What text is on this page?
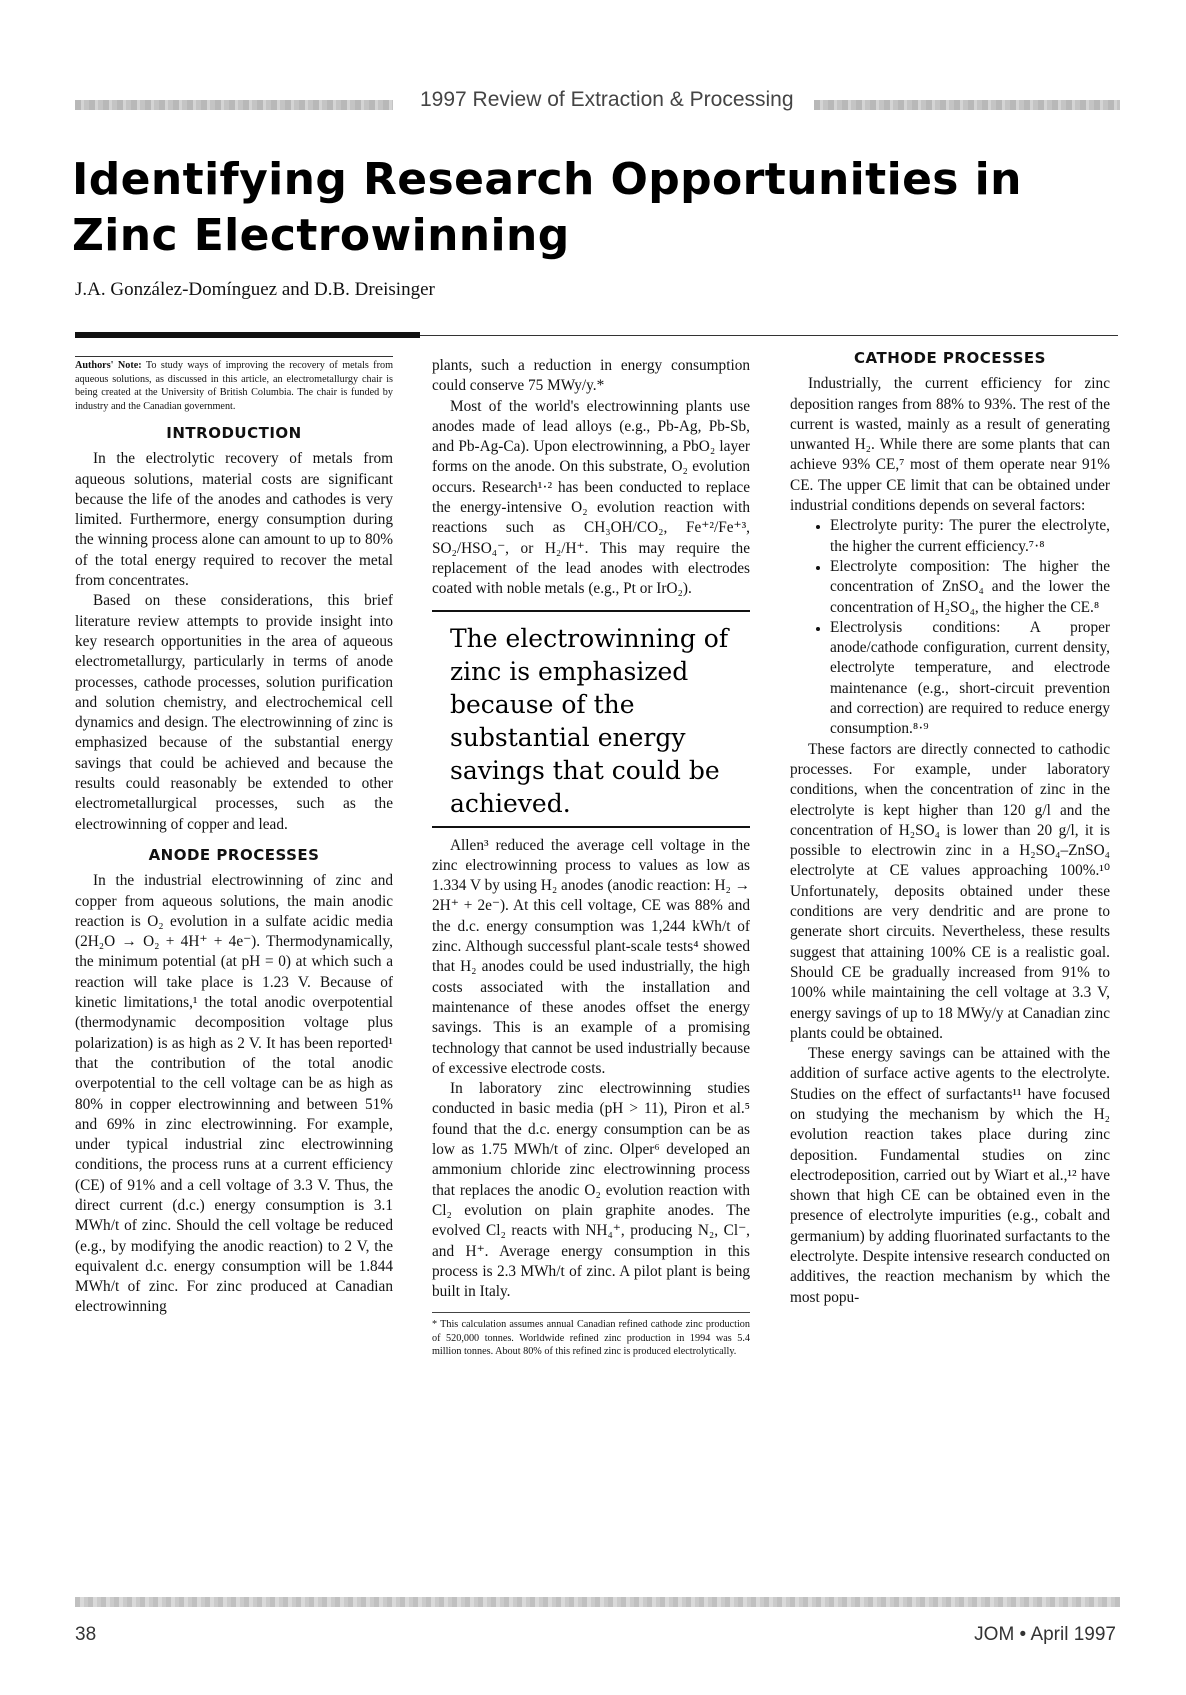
1997 Review of Extraction & Processing
Identifying Research Opportunities in Zinc Electrowinning
J.A. González-Domínguez and D.B. Dreisinger

Authors' Note: To study ways of improving the recovery of metals from aqueous solutions, as discussed in this article, an electrometallurgy chair is being created at the University of British Columbia. The chair is funded by industry and the Canadian government.

INTRODUCTION

In the electrolytic recovery of metals from aqueous solutions, material costs are significant because the life of the anodes and cathodes is very limited. Furthermore, energy consumption during the winning process alone can amount to up to 80% of the total energy required to recover the metal from concentrates.

Based on these considerations, this brief literature review attempts to provide insight into key research opportunities in the area of aqueous electrometallurgy, particularly in terms of anode processes, cathode processes, solution purification and solution chemistry, and electrochemical cell dynamics and design. The electrowinning of zinc is emphasized because of the substantial energy savings that could be achieved and because the results could reasonably be extended to other electrometallurgical processes, such as the electrowinning of copper and lead.

ANODE PROCESSES

In the industrial electrowinning of zinc and copper from aqueous solutions, the main anodic reaction is O₂ evolution in a sulfate acidic media (2H₂O → O₂ + 4H⁺ + 4e⁻). Thermodynamically, the minimum potential (at pH = 0) at which such a reaction will take place is 1.23 V. Because of kinetic limitations,¹ the total anodic overpotential (thermodynamic decomposition voltage plus polarization) is as high as 2 V. It has been reported¹ that the contribution of the total anodic overpotential to the cell voltage can be as high as 80% in copper electrowinning and between 51% and 69% in zinc electrowinning. For example, under typical industrial zinc electrowinning conditions, the process runs at a current efficiency (CE) of 91% and a cell voltage of 3.3 V. Thus, the direct current (d.c.) energy consumption is 3.1 MWh/t of zinc. Should the cell voltage be reduced (e.g., by modifying the anodic reaction) to 2 V, the equivalent d.c. energy consumption will be 1.844 MWh/t of zinc. For zinc produced at Canadian electrowinning

plants, such a reduction in energy consumption could conserve 75 MWy/y.*

Most of the world's electrowinning plants use anodes made of lead alloys (e.g., Pb-Ag, Pb-Sb, and Pb-Ag-Ca). Upon electrowinning, a PbO₂ layer forms on the anode. On this substrate, O₂ evolution occurs. Research¹·² has been conducted to replace the energy-intensive O₂ evolution reaction with reactions such as CH₃OH/CO₂, Fe⁺²/Fe⁺³, SO₂/HSO₄⁻, or H₂/H⁺. This may require the replacement of the lead anodes with electrodes coated with noble metals (e.g., Pt or IrO₂).

The electrowinning of zinc is emphasized because of the substantial energy savings that could be achieved.

Allen³ reduced the average cell voltage in the zinc electrowinning process to values as low as 1.334 V by using H₂ anodes (anodic reaction: H₂ → 2H⁺ + 2e⁻). At this cell voltage, CE was 88% and the d.c. energy consumption was 1,244 kWh/t of zinc. Although successful plant-scale tests⁴ showed that H₂ anodes could be used industrially, the high costs associated with the installation and maintenance of these anodes offset the energy savings. This is an example of a promising technology that cannot be used industrially because of excessive electrode costs.

In laboratory zinc electrowinning studies conducted in basic media (pH > 11), Piron et al.⁵ found that the d.c. energy consumption can be as low as 1.75 MWh/t of zinc. Olper⁶ developed an ammonium chloride zinc electrowinning process that replaces the anodic O₂ evolution reaction with Cl₂ evolution on plain graphite anodes. The evolved Cl₂ reacts with NH₄⁺, producing N₂, Cl⁻, and H⁺. Average energy consumption in this process is 2.3 MWh/t of zinc. A pilot plant is being built in Italy.

* This calculation assumes annual Canadian refined cathode zinc production of 520,000 tonnes. Worldwide refined zinc production in 1994 was 5.4 million tonnes. About 80% of this refined zinc is produced electrolytically.

CATHODE PROCESSES

Industrially, the current efficiency for zinc deposition ranges from 88% to 93%. The rest of the current is wasted, mainly as a result of generating unwanted H₂. While there are some plants that can achieve 93% CE,⁷ most of them operate near 91% CE. The upper CE limit that can be obtained under industrial conditions depends on several factors:

• Electrolyte purity: The purer the electrolyte, the higher the current efficiency.⁷·⁸
• Electrolyte composition: The higher the concentration of ZnSO₄ and the lower the concentration of H₂SO₄, the higher the CE.⁸
• Electrolysis conditions: A proper anode/cathode configuration, current density, electrolyte temperature, and electrode maintenance (e.g., short-circuit prevention and correction) are required to reduce energy consumption.⁸·⁹

These factors are directly connected to cathodic processes. For example, under laboratory conditions, when the concentration of zinc in the electrolyte is kept higher than 120 g/l and the concentration of H₂SO₄ is lower than 20 g/l, it is possible to electrowin zinc in a H₂SO₄–ZnSO₄ electrolyte at CE values approaching 100%.¹⁰ Unfortunately, deposits obtained under these conditions are very dendritic and are prone to generate short circuits. Nevertheless, these results suggest that attaining 100% CE is a realistic goal. Should CE be gradually increased from 91% to 100% while maintaining the cell voltage at 3.3 V, energy savings of up to 18 MWy/y at Canadian zinc plants could be obtained.

These energy savings can be attained with the addition of surface active agents to the electrolyte. Studies on the effect of surfactants¹¹ have focused on studying the mechanism by which the H₂ evolution reaction takes place during zinc deposition. Fundamental studies on zinc electrodeposition, carried out by Wiart et al.,¹² have shown that high CE can be obtained even in the presence of electrolyte impurities (e.g., cobalt and germanium) by adding fluorinated surfactants to the electrolyte. Despite intensive research conducted on additives, the reaction mechanism by which the most popu-

38	JOM • April 1997
